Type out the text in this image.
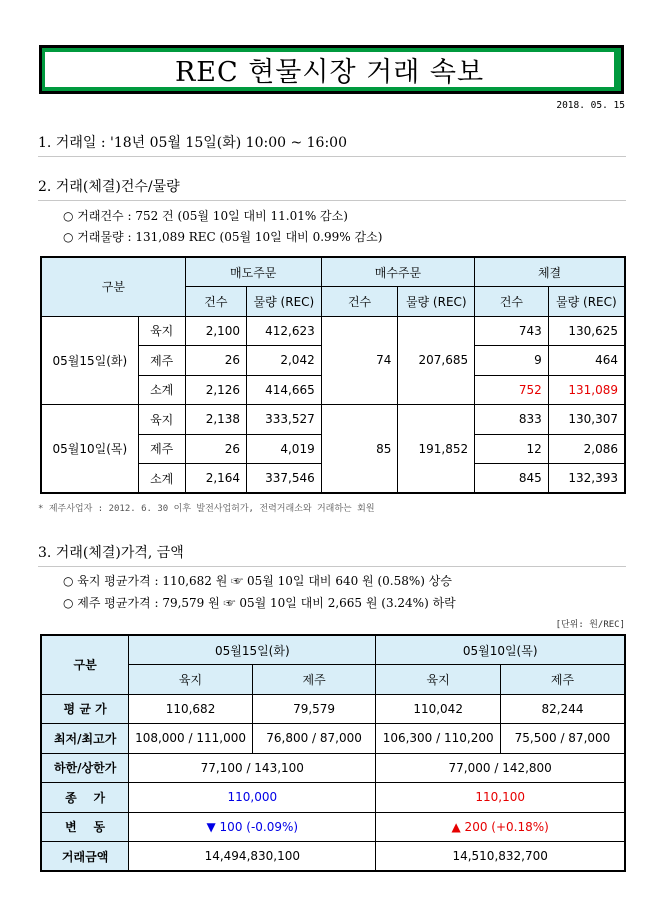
REC 현물시장 거래 속보
2018. 05. 15
1. 거래일 : '18년 05월 15일(화) 10:00 ~ 16:00
2. 거래(체결)건수/물량
○ 거래건수 : 752 건 (05월 10일 대비 11.01% 감소)
○ 거래물량 : 131,089 REC (05월 10일 대비 0.99% 감소)
구분		매도주문		매수주문		체결	
		건수	물량 (REC)	건수	물량 (REC)	건수	물량 (REC)
05월15일(화)	육지	2,100	412,623	74	207,685	743	130,625
	제주	26	2,042			9	464
	소계	2,126	414,665			752	131,089
05월10일(목)	육지	2,138	333,527	85	191,852	833	130,307
	제주	26	4,019			12	2,086
	소계	2,164	337,546			845	132,393
* 제주사업자 : 2012. 6. 30 이후 발전사업허가, 전력거래소와 거래하는 회원
3. 거래(체결)가격, 금액
○ 육지 평균가격 : 110,682 원 ☞ 05월 10일 대비 640 원 (0.58%) 상승
○ 제주 평균가격 : 79,579 원 ☞ 05월 10일 대비 2,665 원 (3.24%) 하락
[단위: 원/REC]
구분	05월15일(화)		05월10일(목)	
	육지	제주	육지	제주
평 균 가	110,682	79,579	110,042	82,244
최저/최고가	108,000 / 111,000	76,800 / 87,000	106,300 / 110,200	75,500 / 87,000
하한/상한가	77,100 / 143,100		77,000 / 142,800	
종    가	110,000		110,100	
변    동	▼ 100 (-0.09%)		▲ 200 (+0.18%)	
거래금액	14,494,830,100		14,510,832,700	
